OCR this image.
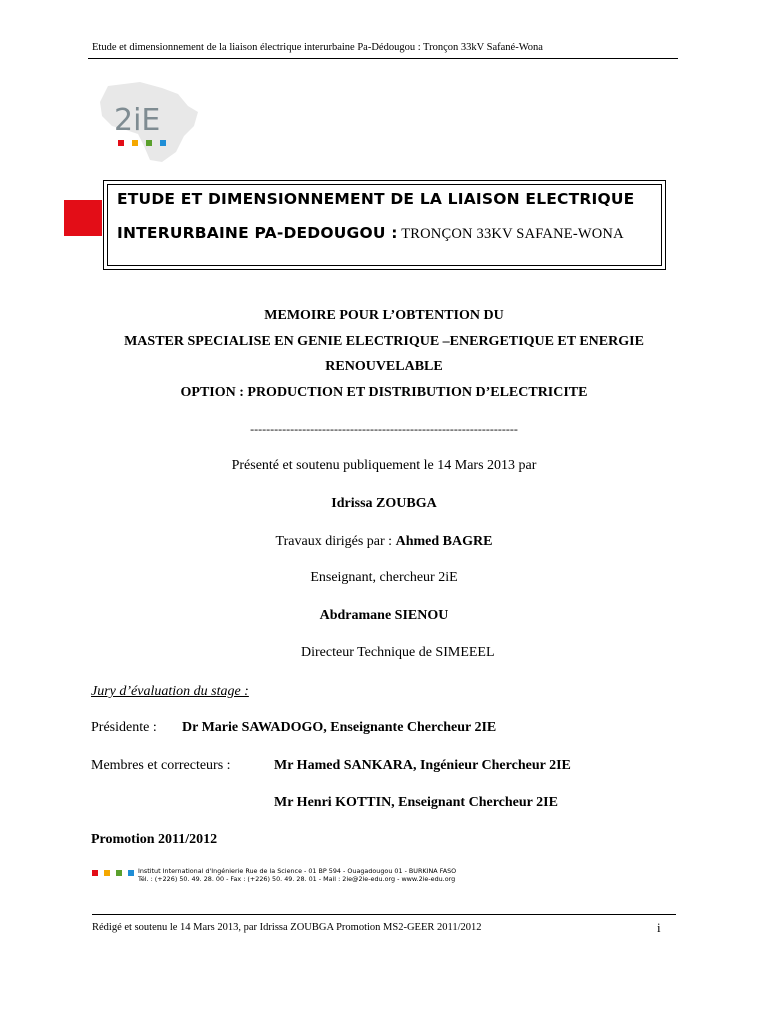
Etude et dimensionnement de la liaison électrique interurbaine Pa-Dédougou : Tronçon 33kV Safané-Wona
2iE
ETUDE ET DIMENSIONNEMENT DE LA LIAISON ELECTRIQUE
INTERURBAINE PA-DEDOUGOU : TRONÇON 33KV SAFANE-WONA
MEMOIRE POUR L’OBTENTION DU
MASTER SPECIALISE EN GENIE ELECTRIQUE –ENERGETIQUE ET ENERGIE
RENOUVELABLE
OPTION : PRODUCTION ET DISTRIBUTION D’ELECTRICITE
-------------------------------------------------------------------
Présenté et soutenu publiquement le 14 Mars 2013 par
Idrissa ZOUBGA
Travaux dirigés par : Ahmed BAGRE
Enseignant, chercheur 2iE
Abdramane SIENOU
Directeur Technique de SIMEEEL
Jury d’évaluation du stage :
Présidente : Dr Marie SAWADOGO, Enseignante Chercheur 2IE
Membres et correcteurs :	Mr Hamed SANKARA, Ingénieur Chercheur 2IE
Mr Henri KOTTIN, Enseignant Chercheur 2IE
Promotion 2011/2012
Institut International d'Ingénierie Rue de la Science - 01 BP 594 - Ouagadougou 01 - BURKINA FASO
Tél. : (+226) 50. 49. 28. 00 - Fax : (+226) 50. 49. 28. 01 - Mail : 2ie@2ie-edu.org - www.2ie-edu.org
Rédigé et soutenu le 14 Mars 2013, par Idrissa ZOUBGA Promotion MS2-GEER 2011/2012	i
